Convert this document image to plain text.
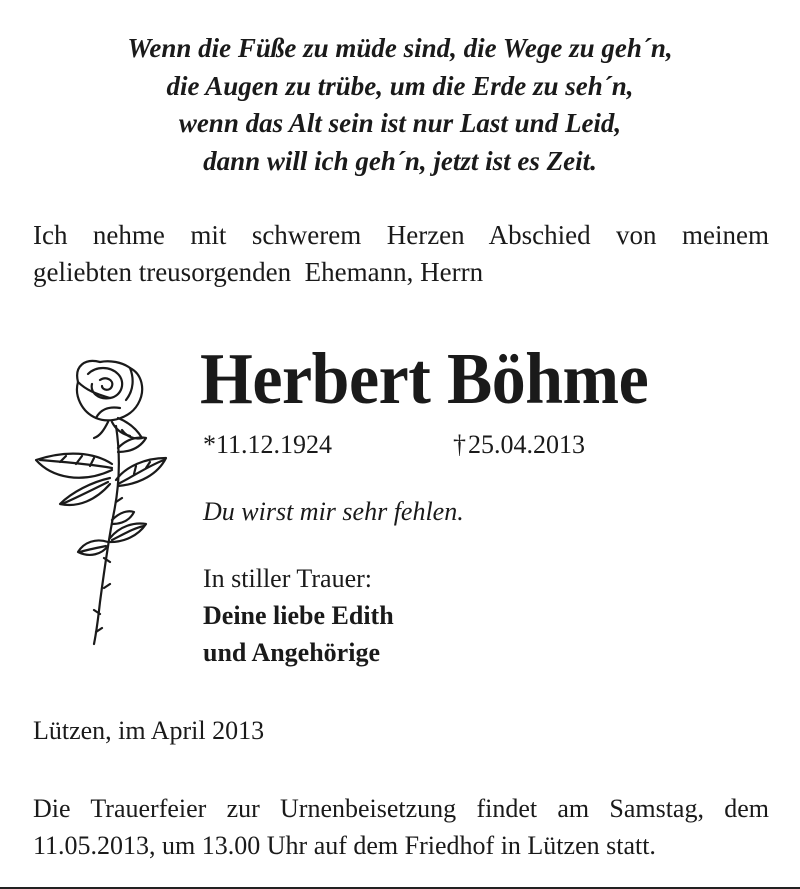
Wenn die Füße zu müde sind, die Wege zu geh´n,
die Augen zu trübe, um die Erde zu seh´n,
wenn das Alt sein ist nur Last und Leid,
dann will ich geh´n, jetzt ist es Zeit.
Ich nehme mit schwerem Herzen Abschied von meinem
geliebten treusorgenden  Ehemann, Herrn
Herbert Böhme
*11.12.1924	†25.04.2013
Du wirst mir sehr fehlen.
In stiller Trauer:
Deine liebe Edith
und Angehörige
Lützen, im April 2013
Die Trauerfeier zur Urnenbeisetzung findet am Samstag, dem
11.05.2013, um 13.00 Uhr auf dem Friedhof in Lützen statt.
